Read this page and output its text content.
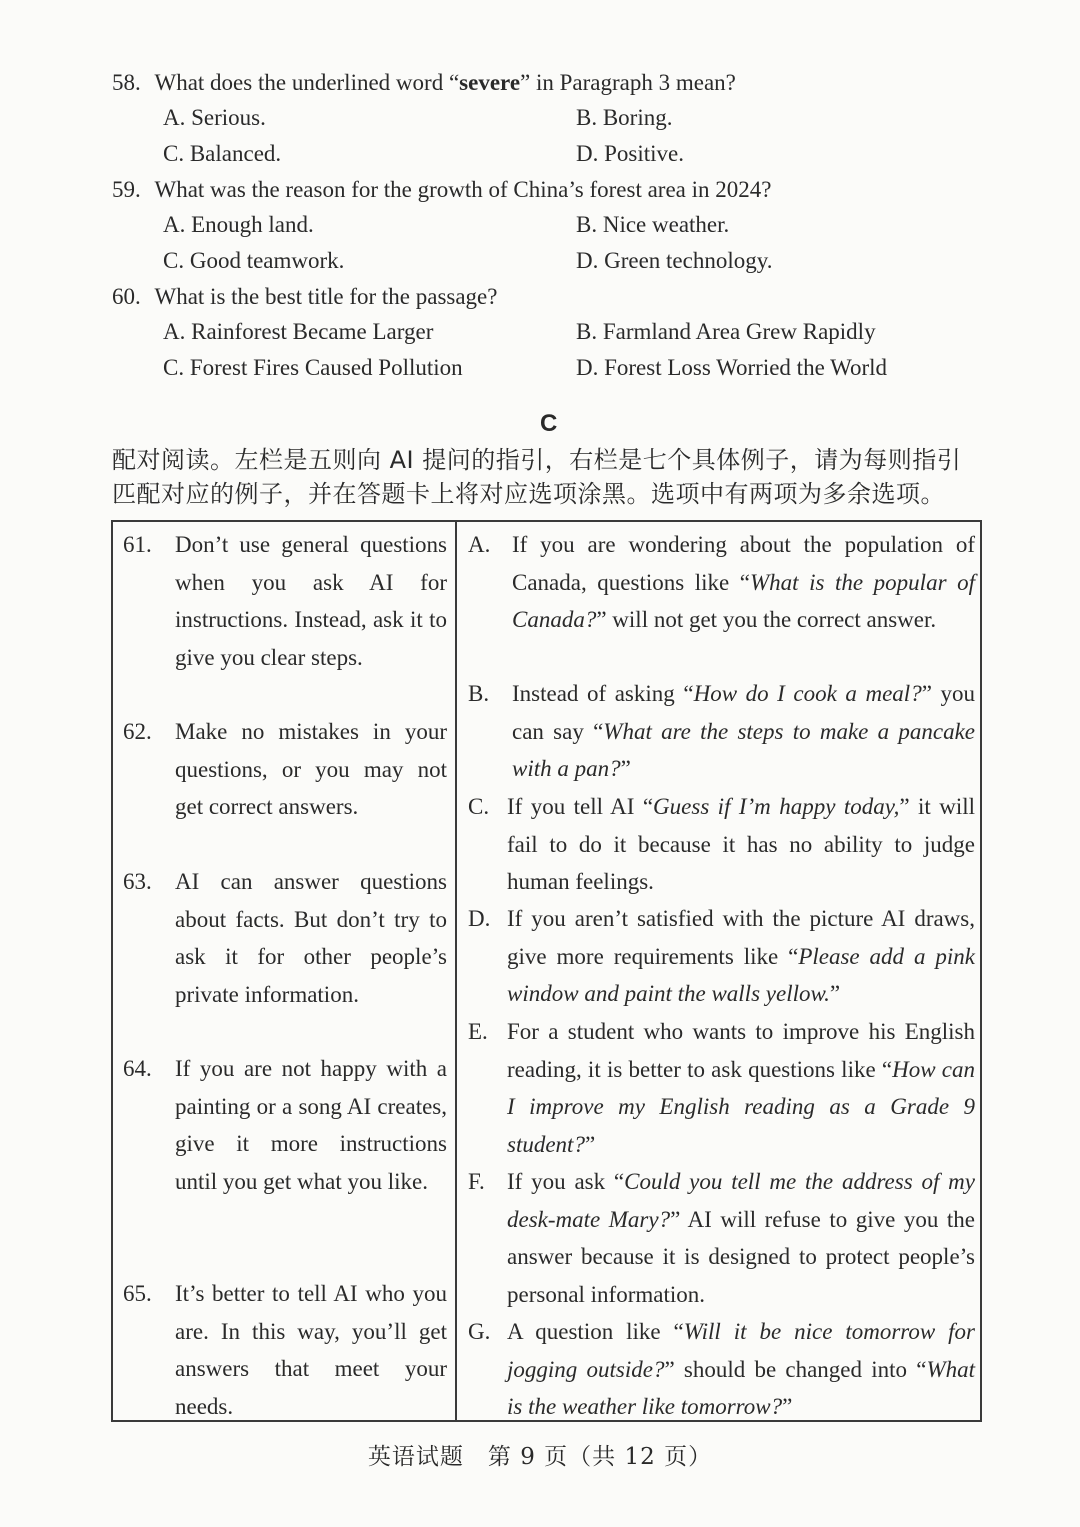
58. What does the underlined word “severe” in Paragraph 3 mean?
A. Serious.	B. Boring.
C. Balanced.	D. Positive.
59. What was the reason for the growth of China’s forest area in 2024?
A. Enough land.	B. Nice weather.
C. Good teamwork.	D. Green technology.
60. What is the best title for the passage?
A. Rainforest Became Larger	B. Farmland Area Grew Rapidly
C. Forest Fires Caused Pollution	D. Forest Loss Worried the World
C
配对阅读。左栏是五则向 AI 提问的指引，右栏是七个具体例子，请为每则指引
匹配对应的例子，并在答题卡上将对应选项涂黑。选项中有两项为多余选项。
61. Don’t use general questions when you ask AI for instructions. Instead, ask it to give you clear steps.
62. Make no mistakes in your questions, or you may not get correct answers.
63. AI can answer questions about facts. But don’t try to ask it for other people’s private information.
64. If you are not happy with a painting or a song AI creates, give it more instructions until you get what you like.
65. It’s better to tell AI who you are. In this way, you’ll get answers that meet your needs.
A. If you are wondering about the population of Canada, questions like “What is the popular of Canada?” will not get you the correct answer.
B. Instead of asking “How do I cook a meal?” you can say “What are the steps to make a pancake with a pan?”
C. If you tell AI “Guess if I’m happy today,” it will fail to do it because it has no ability to judge human feelings.
D. If you aren’t satisfied with the picture AI draws, give more requirements like “Please add a pink window and paint the walls yellow.”
E. For a student who wants to improve his English reading, it is better to ask questions like “How can I improve my English reading as a Grade 9 student?”
F. If you ask “Could you tell me the address of my desk-mate Mary?” AI will refuse to give you the answer because it is designed to protect people’s personal information.
G. A question like “Will it be nice tomorrow for jogging outside?” should be changed into “What is the weather like tomorrow?”
英语试题　第 9 页（共 12 页）
